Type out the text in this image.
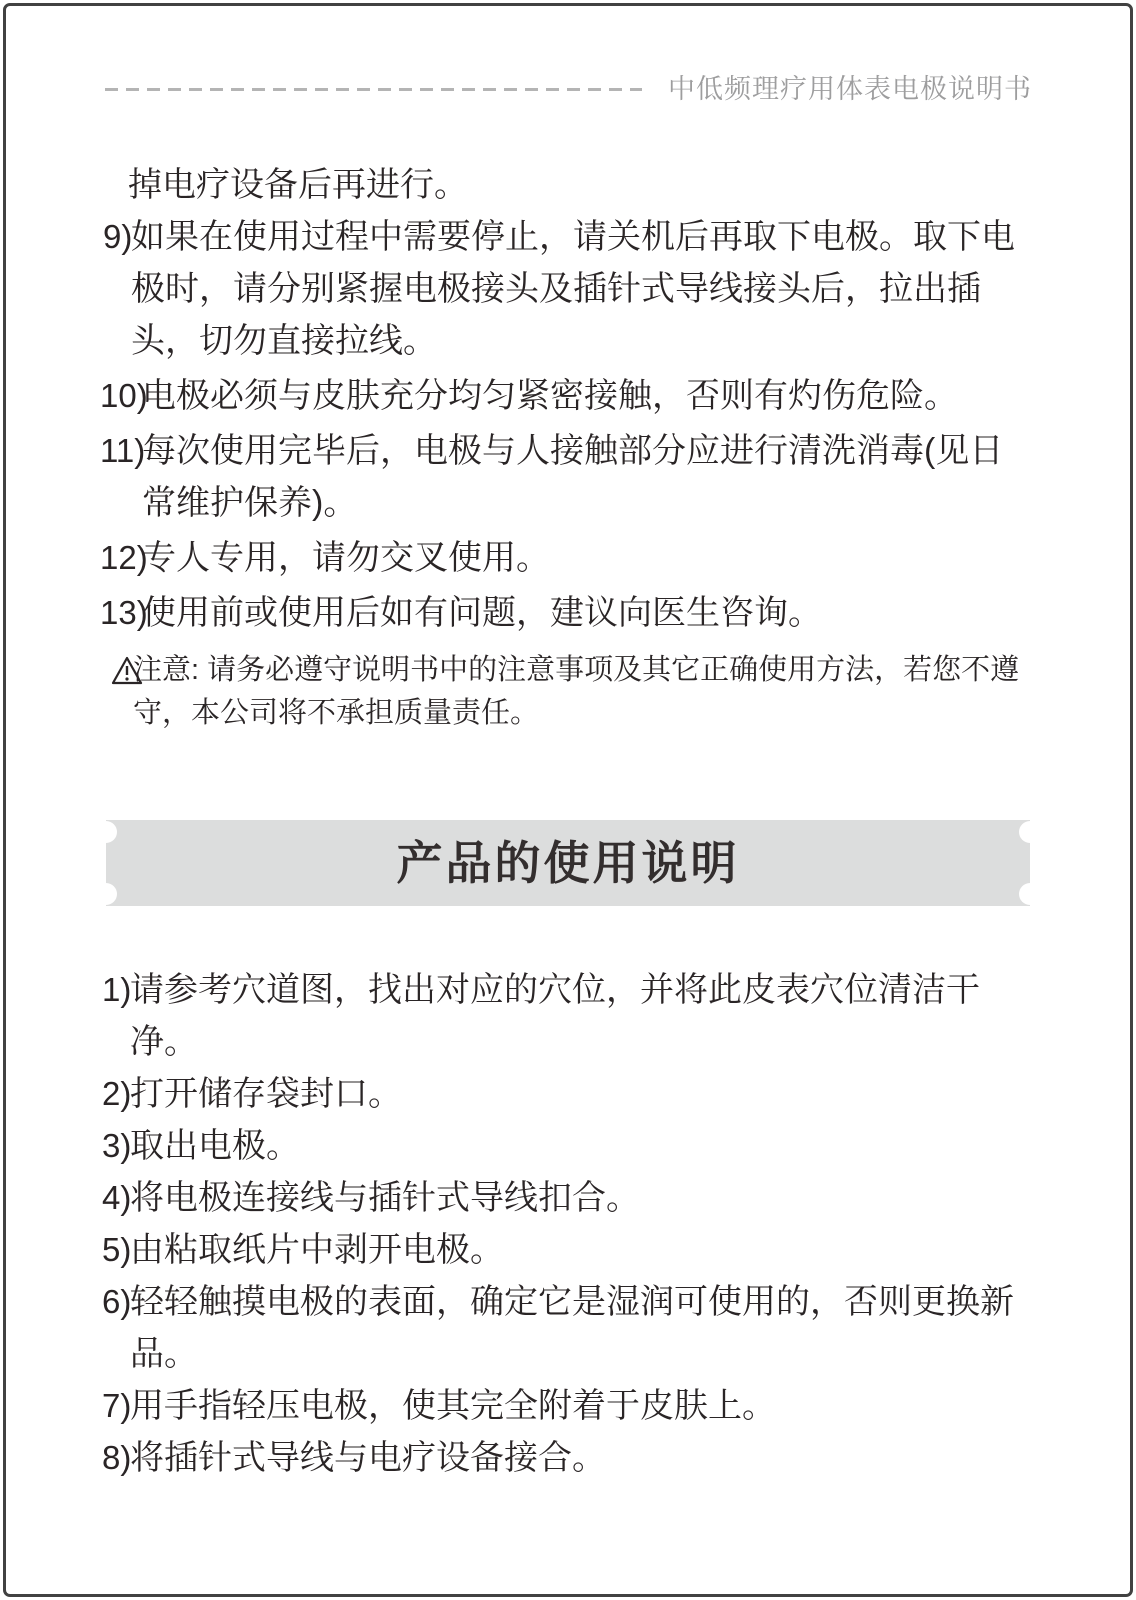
中低频理疗用体表电极说明书
掉电疗设备后再进行。
9)
如果在使用过程中需要停止，请关机后再取下电极。取下电极时，请分别紧握电极接头及插针式导线接头后，拉出插头，切勿直接拉线。
10)
电极必须与皮肤充分均匀紧密接触，否则有灼伤危险。
11)
每次使用完毕后，电极与人接触部分应进行清洗消毒(见日常维护保养)。
12)
专人专用，请勿交叉使用。
13)
使用前或使用后如有问题，建议向医生咨询。
注意: 请务必遵守说明书中的注意事项及其它正确使用方法，若您不遵守，本公司将不承担质量责任。
产品的使用说明
1)
请参考穴道图，找出对应的穴位，并将此皮表穴位清洁干净。
2)
打开储存袋封口。
3)
取出电极。
4)
将电极连接线与插针式导线扣合。
5)
由粘取纸片中剥开电极。
6)
轻轻触摸电极的表面，确定它是湿润可使用的，否则更换新品。
7)
用手指轻压电极，使其完全附着于皮肤上。
8)
将插针式导线与电疗设备接合。
